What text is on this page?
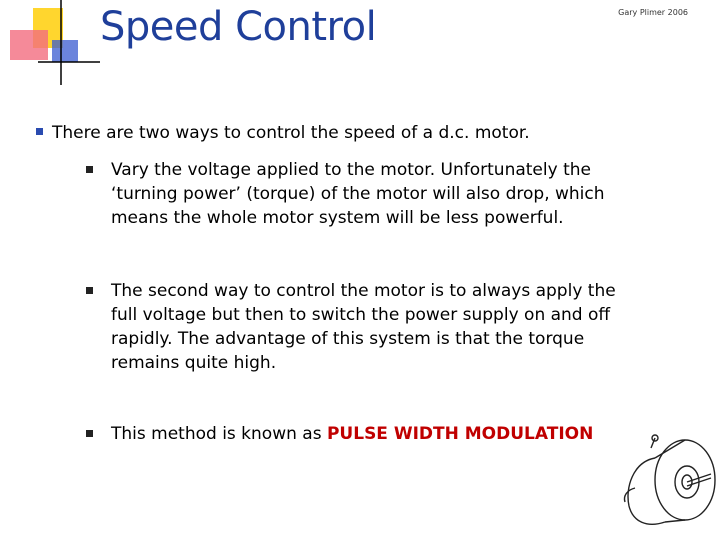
Speed Control	Gary Plimer 2006
There are two ways to control the speed of a d.c. motor.
Vary the voltage applied to the motor. Unfortunately the ‘turning power’ (torque) of the motor will also drop, which means the whole motor system will be less powerful.
The second way to control the motor is to always apply the full voltage but then to switch the power supply on and off rapidly. The advantage of this system is that the torque remains quite high.
This method is known as PULSE WIDTH MODULATION
